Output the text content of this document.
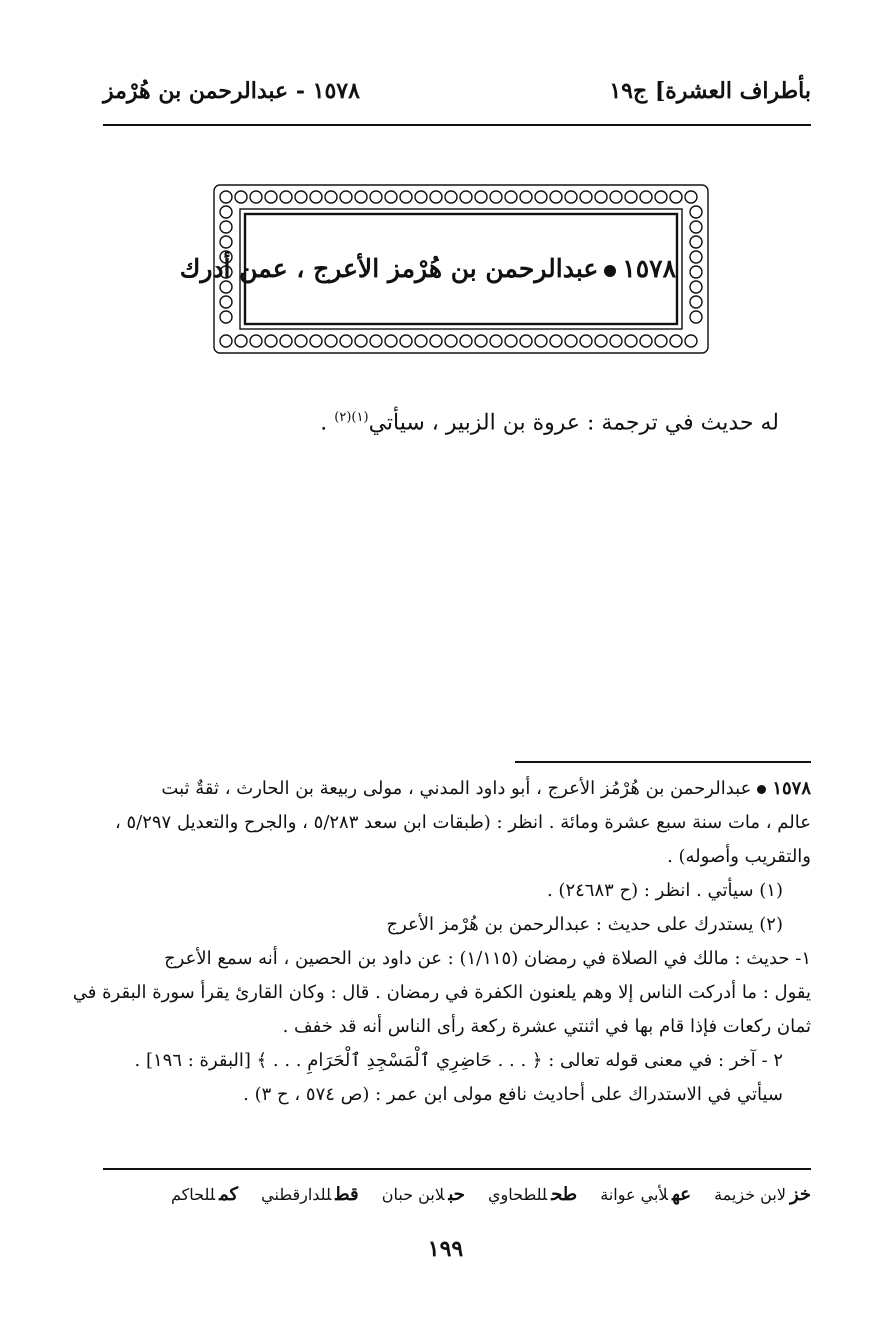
بأطراف العشرة] ج١٩
١٥٧٨ - عبدالرحمن بن هُرْمز
١٥٧٨عبدالرحمن بن هُرْمز الأعرج ، عمن أدرك
له حديث في ترجمة : عروة بن الزبير ، سيأتي$^{(١)(٢)}$ .
١٥٧٨عبدالرحمن بن هُرْمُز الأعرج ، أبو داود المدني ، مولى ربيعة بن الحارث ، ثقةٌ ثبت
عالم ، مات سنة سبع عشرة ومائة . انظر : (طبقات ابن سعد ٥/٢٨٣ ، والجرح والتعديل ٥/٢٩٧ ،
والتقريب وأصوله) .
(١) سيأتي . انظر : (ح ٢٤٦٨٣) .
(٢) يستدرك على حديث : عبدالرحمن بن هُرْمز الأعرج
١- حديث : مالك في الصلاة في رمضان (١/١١٥) : عن داود بن الحصين ، أنه سمع الأعرج
يقول : ما أدركت الناس إلا وهم يلعنون الكفرة في رمضان . قال : وكان القارئ يقرأ سورة البقرة في
ثمان ركعات فإذا قام بها في اثنتي عشرة ركعة رأى الناس أنه قد خفف .
٢ - آخر : في معنى قوله تعالى : ﴿ . . . حَاضِرِي ٱلْمَسْجِدِ ٱلْحَرَامِ . . . ﴾ [البقرة : ١٩٦] .
سيأتي في الاستدراك على أحاديث نافع مولى ابن عمر : (ص ٥٧٤ ، ح ٣) .
خزلابن خزيمة عهلأبي عوانة طحللطحاوي حبلابن حبان قطللدارقطني كمللحاكم
١٩٩
